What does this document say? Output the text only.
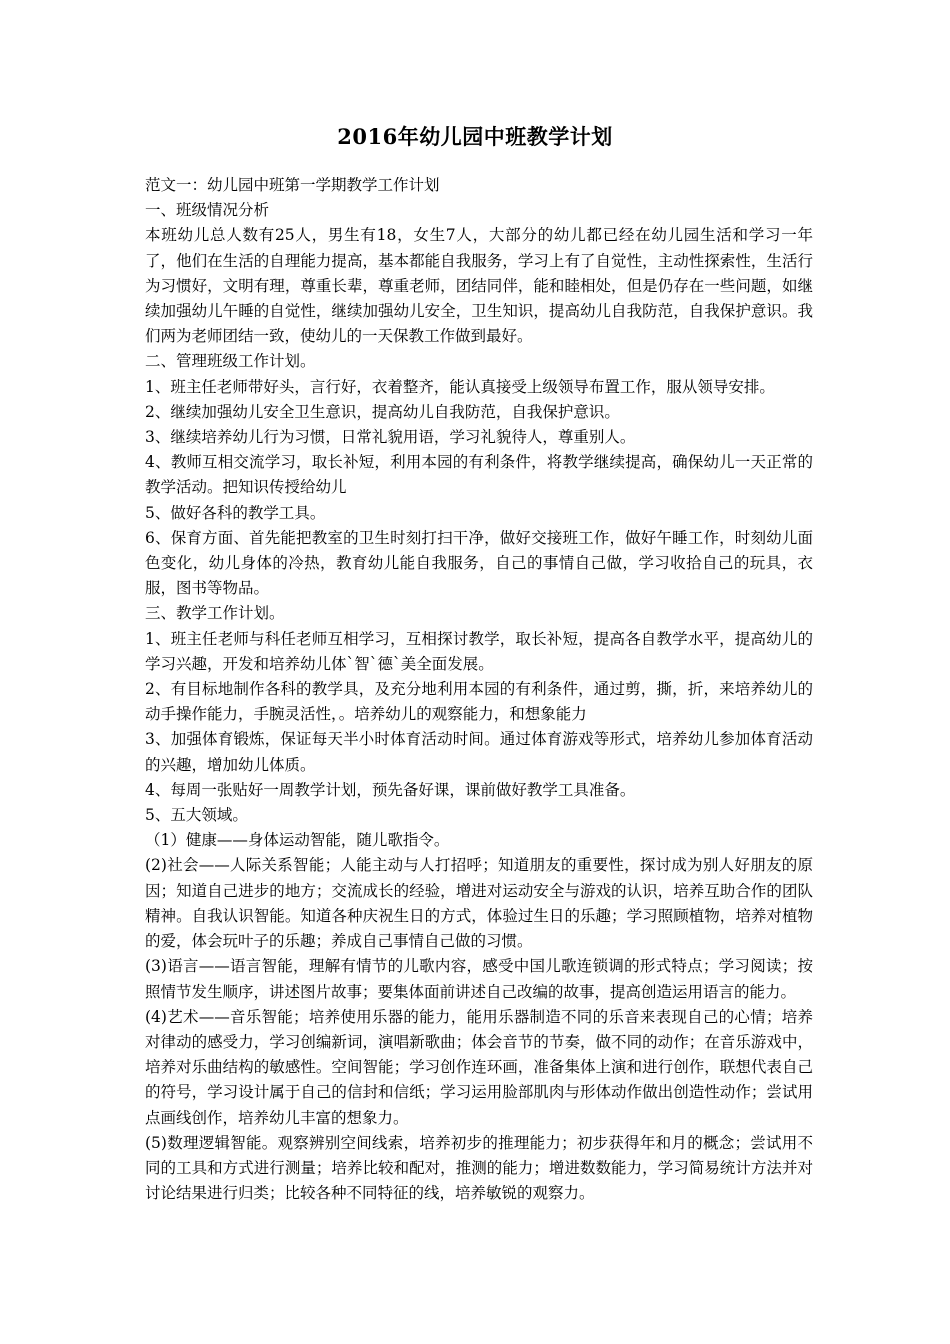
2016年幼儿园中班教学计划

范文一：幼儿园中班第一学期教学工作计划

一、班级情况分析

本班幼儿总人数有25人，男生有18，女生7人，大部分的幼儿都已经在幼儿园生活和学习一年了，他们在生活的自理能力提高，基本都能自我服务，学习上有了自觉性，主动性探索性，生活行为习惯好，文明有理，尊重长辈，尊重老师，团结同伴，能和睦相处，但是仍存在一些问题，如继续加强幼儿午睡的自觉性，继续加强幼儿安全，卫生知识，提高幼儿自我防范，自我保护意识。我们两为老师团结一致，使幼儿的一天保教工作做到最好。

二、管理班级工作计划。

1、班主任老师带好头，言行好，衣着整齐，能认真接受上级领导布置工作，服从领导安排。

2、继续加强幼儿安全卫生意识，提高幼儿自我防范，自我保护意识。

3、继续培养幼儿行为习惯，日常礼貌用语，学习礼貌待人，尊重别人。

4、教师互相交流学习，取长补短，利用本园的有利条件，将教学继续提高，确保幼儿一天正常的教学活动。把知识传授给幼儿

5、做好各科的教学工具。

6、保育方面、首先能把教室的卫生时刻打扫干净，做好交接班工作，做好午睡工作，时刻幼儿面色变化，幼儿身体的冷热，教育幼儿能自我服务，自己的事情自己做，学习收拾自己的玩具，衣服，图书等物品。

三、教学工作计划。

1、班主任老师与科任老师互相学习，互相探讨教学，取长补短，提高各自教学水平，提高幼儿的学习兴趣，开发和培养幼儿体`智`德`美全面发展。

2、有目标地制作各科的教学具，及充分地利用本园的有利条件，通过剪，撕，折，来培养幼儿的动手操作能力，手腕灵活性，。培养幼儿的观察能力，和想象能力

3、加强体育锻炼，保证每天半小时体育活动时间。通过体育游戏等形式，培养幼儿参加体育活动的兴趣，增加幼儿体质。

4、每周一张贴好一周教学计划，预先备好课，课前做好教学工具准备。

5、五大领域。

（1）健康——身体运动智能，随儿歌指令。

(2)社会——人际关系智能；人能主动与人打招呼；知道朋友的重要性，探讨成为别人好朋友的原因；知道自己进步的地方；交流成长的经验，增进对运动安全与游戏的认识，培养互助合作的团队精神。自我认识智能。知道各种庆祝生日的方式，体验过生日的乐趣；学习照顾植物，培养对植物的爱，体会玩叶子的乐趣；养成自己事情自己做的习惯。

(3)语言——语言智能，理解有情节的儿歌内容，感受中国儿歌连锁调的形式特点；学习阅读；按照情节发生顺序，讲述图片故事；要集体面前讲述自己改编的故事，提高创造运用语言的能力。

(4)艺术——音乐智能；培养使用乐器的能力，能用乐器制造不同的乐音来表现自己的心情；培养对律动的感受力，学习创编新词，演唱新歌曲；体会音节的节奏，做不同的动作；在音乐游戏中，培养对乐曲结构的敏感性。空间智能；学习创作连环画，准备集体上演和进行创作，联想代表自己的符号，学习设计属于自己的信封和信纸；学习运用脸部肌肉与形体动作做出创造性动作；尝试用点画线创作，培养幼儿丰富的想象力。

(5)数理逻辑智能。观察辨别空间线索，培养初步的推理能力；初步获得年和月的概念；尝试用不同的工具和方式进行测量；培养比较和配对，推测的能力；增进数数能力，学习简易统计方法并对讨论结果进行归类；比较各种不同特征的线，培养敏锐的观察力。
